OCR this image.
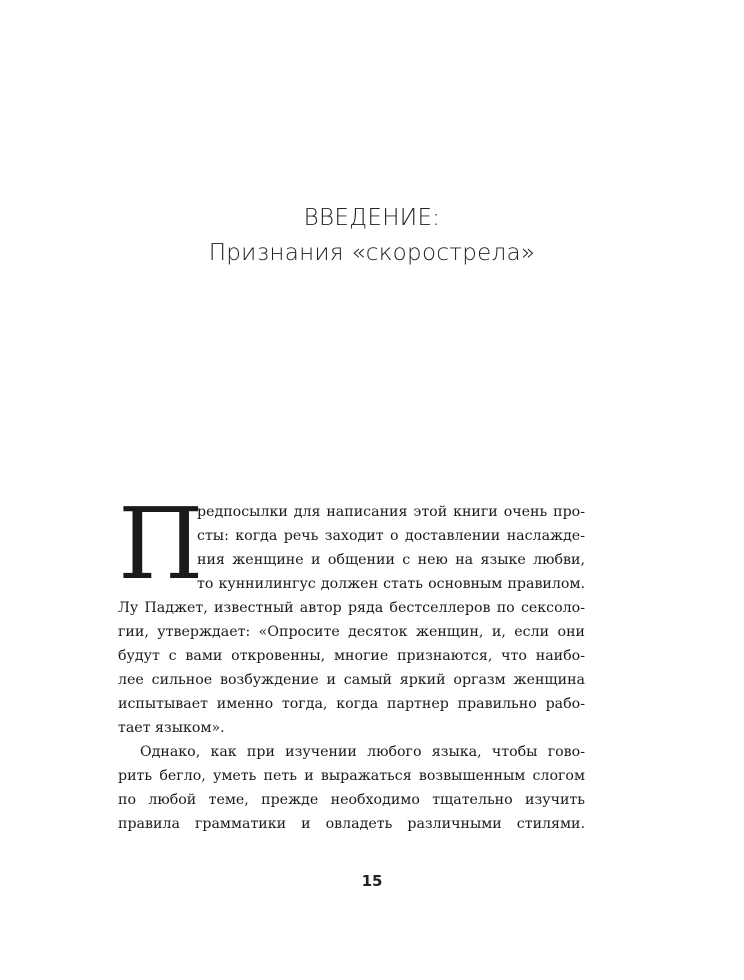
ВВЕДЕНИЕ:
Признания «скорострела»
П
редпосылки для написания этой книги очень про-
сты: когда речь заходит о доставлении наслажде-
ния женщине и общении с нею на языке любви,
то куннилингус должен стать основным правилом.
Лу Паджет, известный автор ряда бестселлеров по сексоло-
гии, утверждает: «Опросите десяток женщин, и, если они
будут с вами откровенны, многие признаются, что наибо-
лее сильное возбуждение и самый яркий оргазм женщина
испытывает именно тогда, когда партнер правильно рабо-
тает языком».
Однако, как при изучении любого языка, чтобы гово-
рить бегло, уметь петь и выражаться возвышенным слогом
по любой теме, прежде необходимо тщательно изучить
правила грамматики и овладеть различными стилями.
15
